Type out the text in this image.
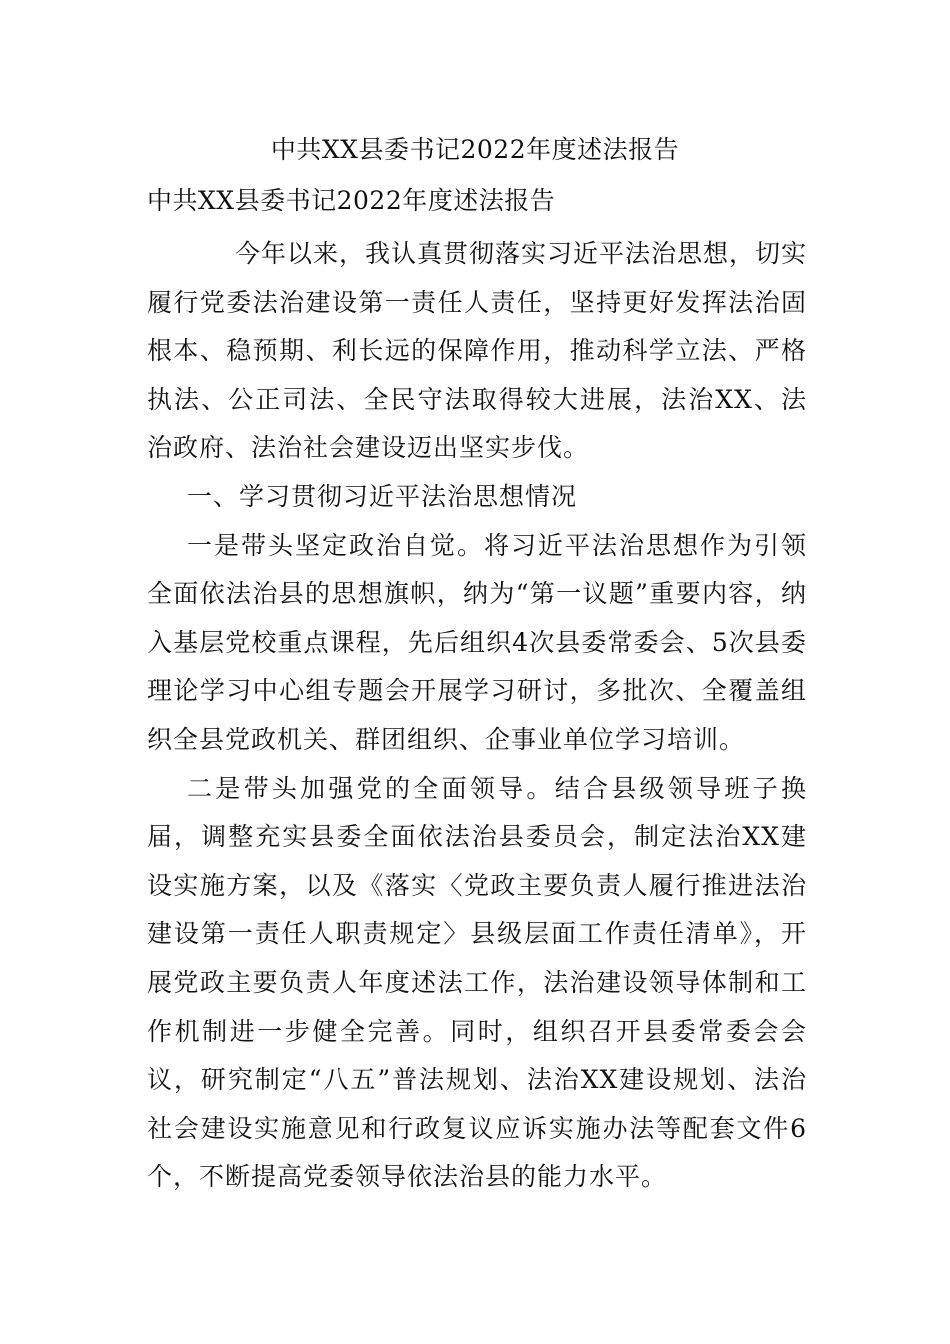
中共XX县委书记2022年度述法报告
中共XX县委书记2022年度述法报告

今年以来，我认真贯彻落实习近平法治思想，切实履行党委法治建设第一责任人责任，坚持更好发挥法治固根本、稳预期、利长远的保障作用，推动科学立法、严格执法、公正司法、全民守法取得较大进展，法治XX、法治政府、法治社会建设迈出坚实步伐。

一、学习贯彻习近平法治思想情况

一是带头坚定政治自觉。将习近平法治思想作为引领全面依法治县的思想旗帜，纳为“第一议题”重要内容，纳入基层党校重点课程，先后组织4次县委常委会、5次县委理论学习中心组专题会开展学习研讨，多批次、全覆盖组织全县党政机关、群团组织、企事业单位学习培训。

二是带头加强党的全面领导。结合县级领导班子换届，调整充实县委全面依法治县委员会，制定法治XX建设实施方案，以及《落实〈党政主要负责人履行推进法治建设第一责任人职责规定〉县级层面工作责任清单》，开展党政主要负责人年度述法工作，法治建设领导体制和工作机制进一步健全完善。同时，组织召开县委常委会会议，研究制定“八五”普法规划、法治XX建设规划、法治社会建设实施意见和行政复议应诉实施办法等配套文件6个，不断提高党委领导依法治县的能力水平。
